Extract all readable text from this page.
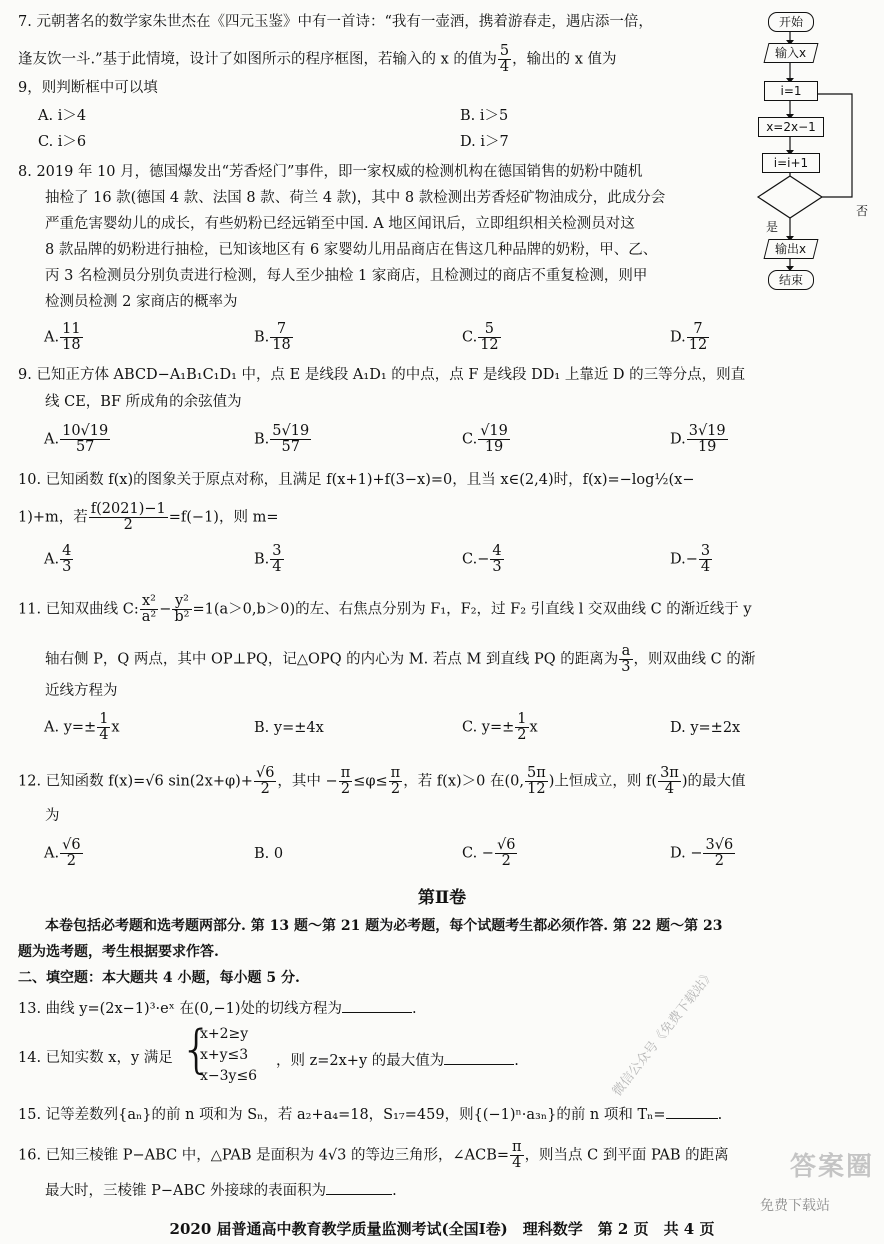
7. 元朝著名的数学家朱世杰在《四元玉鉴》中有一首诗：“我有一壶酒，携着游春走，遇店添一倍，
逢友饮一斗.”基于此情境，设计了如图所示的程序框图，若输入的 x 的值为 $\frac{5}{4}$ ，输出的 x 值为
9，则判断框中可以填
A. i＞4	B. i＞5
C. i＞6	D. i＞7
开始
输入x
i=1
x=2x−1
i=i+1
是
否
输出x
结束
8. 2019 年 10 月，德国爆发出“芳香烃门”事件，即一家权威的检测机构在德国销售的奶粉中随机
抽检了 16 款(德国 4 款、法国 8 款、荷兰 4 款)，其中 8 款检测出芳香烃矿物油成分，此成分会
严重危害婴幼儿的成长，有些奶粉已经远销至中国. A 地区闻讯后，立即组织相关检测员对这
8 款品牌的奶粉进行抽检，已知该地区有 6 家婴幼儿用品商店在售这几种品牌的奶粉，甲、乙、
丙 3 名检测员分别负责进行检测，每人至少抽检 1 家商店，且检测过的商店不重复检测，则甲
检测员检测 2 家商店的概率为
A. $\frac{11}{18}$	B. $\frac{7}{18}$	C. $\frac{5}{12}$	D. $\frac{7}{12}$
9. 已知正方体 ABCD−A₁B₁C₁D₁ 中，点 E 是线段 A₁D₁ 的中点，点 F 是线段 DD₁ 上靠近 D 的三等分点，则直
线 CE，BF 所成角的余弦值为
A. $\frac{10√19}{57}$	B. $\frac{5√19}{57}$	C. $\frac{√19}{19}$	D. $\frac{3√19}{19}$
10. 已知函数 f(x)的图象关于原点对称，且满足 f(x+1)+f(3−x)=0，且当 x∈(2,4)时，f(x)=−log½(x−
1)+m，若 $\frac{f(2021)-1}{2} =f(-1)$，则 m=
A. $\frac{4}{3}$	B. $\frac{3}{4}$	$C.- \frac{4}{3}$	$D.- \frac{3}{4}$
11. 已知双曲线 C: $\frac{\text{x²}}{\text{a²}} - \frac{\text{y²}}{\text{b²}} =1(a>0,b>0)$的左、右焦点分别为 F₁，F₂，过 F₂ 引直线 l 交双曲线 C 的渐近线于 y
轴右侧 P，Q 两点，其中 OP⊥PQ，记△OPQ 的内心为 M. 若点 M 到直线 PQ 的距离为 $\frac{a}{3}$ ，则双曲线 C 的渐
近线方程为
A. $y=\pm \frac{1}{4}$ x	B. y=±4x	C. $y=\pm \frac{1}{2}$ x	D. y=±2x
12. 已知函数 f(x)=√6 $\sin(2x+\varphi)+ \frac{√6}{2}$ ，其中 − $\frac{\pi}{2} \le\varphi\le \frac{\pi}{2}$ ，若 f(x)＞0 在(0, $\frac{5\pi}{12}$ )上恒成立，则 $f( \frac{3\pi}{4}$ )的最大值
为
A. $\frac{√6}{2}$	B. 0	C. − $\frac{√6}{2}$	D. − $\frac{3√6}{2}$
第Ⅱ卷
本卷包括必考题和选考题两部分. 第 13 题～第 21 题为必考题，每个试题考生都必须作答. 第 22 题～第 23
题为选考题，考生根据要求作答.
二、填空题：本大题共 4 小题，每小题 5 分.
13. 曲线 y=(2x−1)³·eˣ 在(0,−1)处的切线方程为	.
14. 已知实数 x，y 满足 {
x+2≥y
x+y≤3
x−3y≤6
，则 z=2x+y 的最大值为	.
15. 记等差数列{aₙ}的前 n 项和为 Sₙ，若 a₂+a₄=18，S₁₇=459，则{(−1)ⁿ·a₃ₙ}的前 n 项和 Tₙ=	.
16. 已知三棱锥 P−ABC 中，△PAB 是面积为 4√3 的等边三角形，∠ACB= $\frac{\pi}{4}$ ，则当点 C 到平面 PAB 的距离
最大时，三棱锥 P−ABC 外接球的表面积为	.
微信公众号《免费下载站》
答案圈
免费下载站
2020 届普通高中教育教学质量监测考试(全国Ⅰ卷)　理科数学　第 2 页　共 4 页
